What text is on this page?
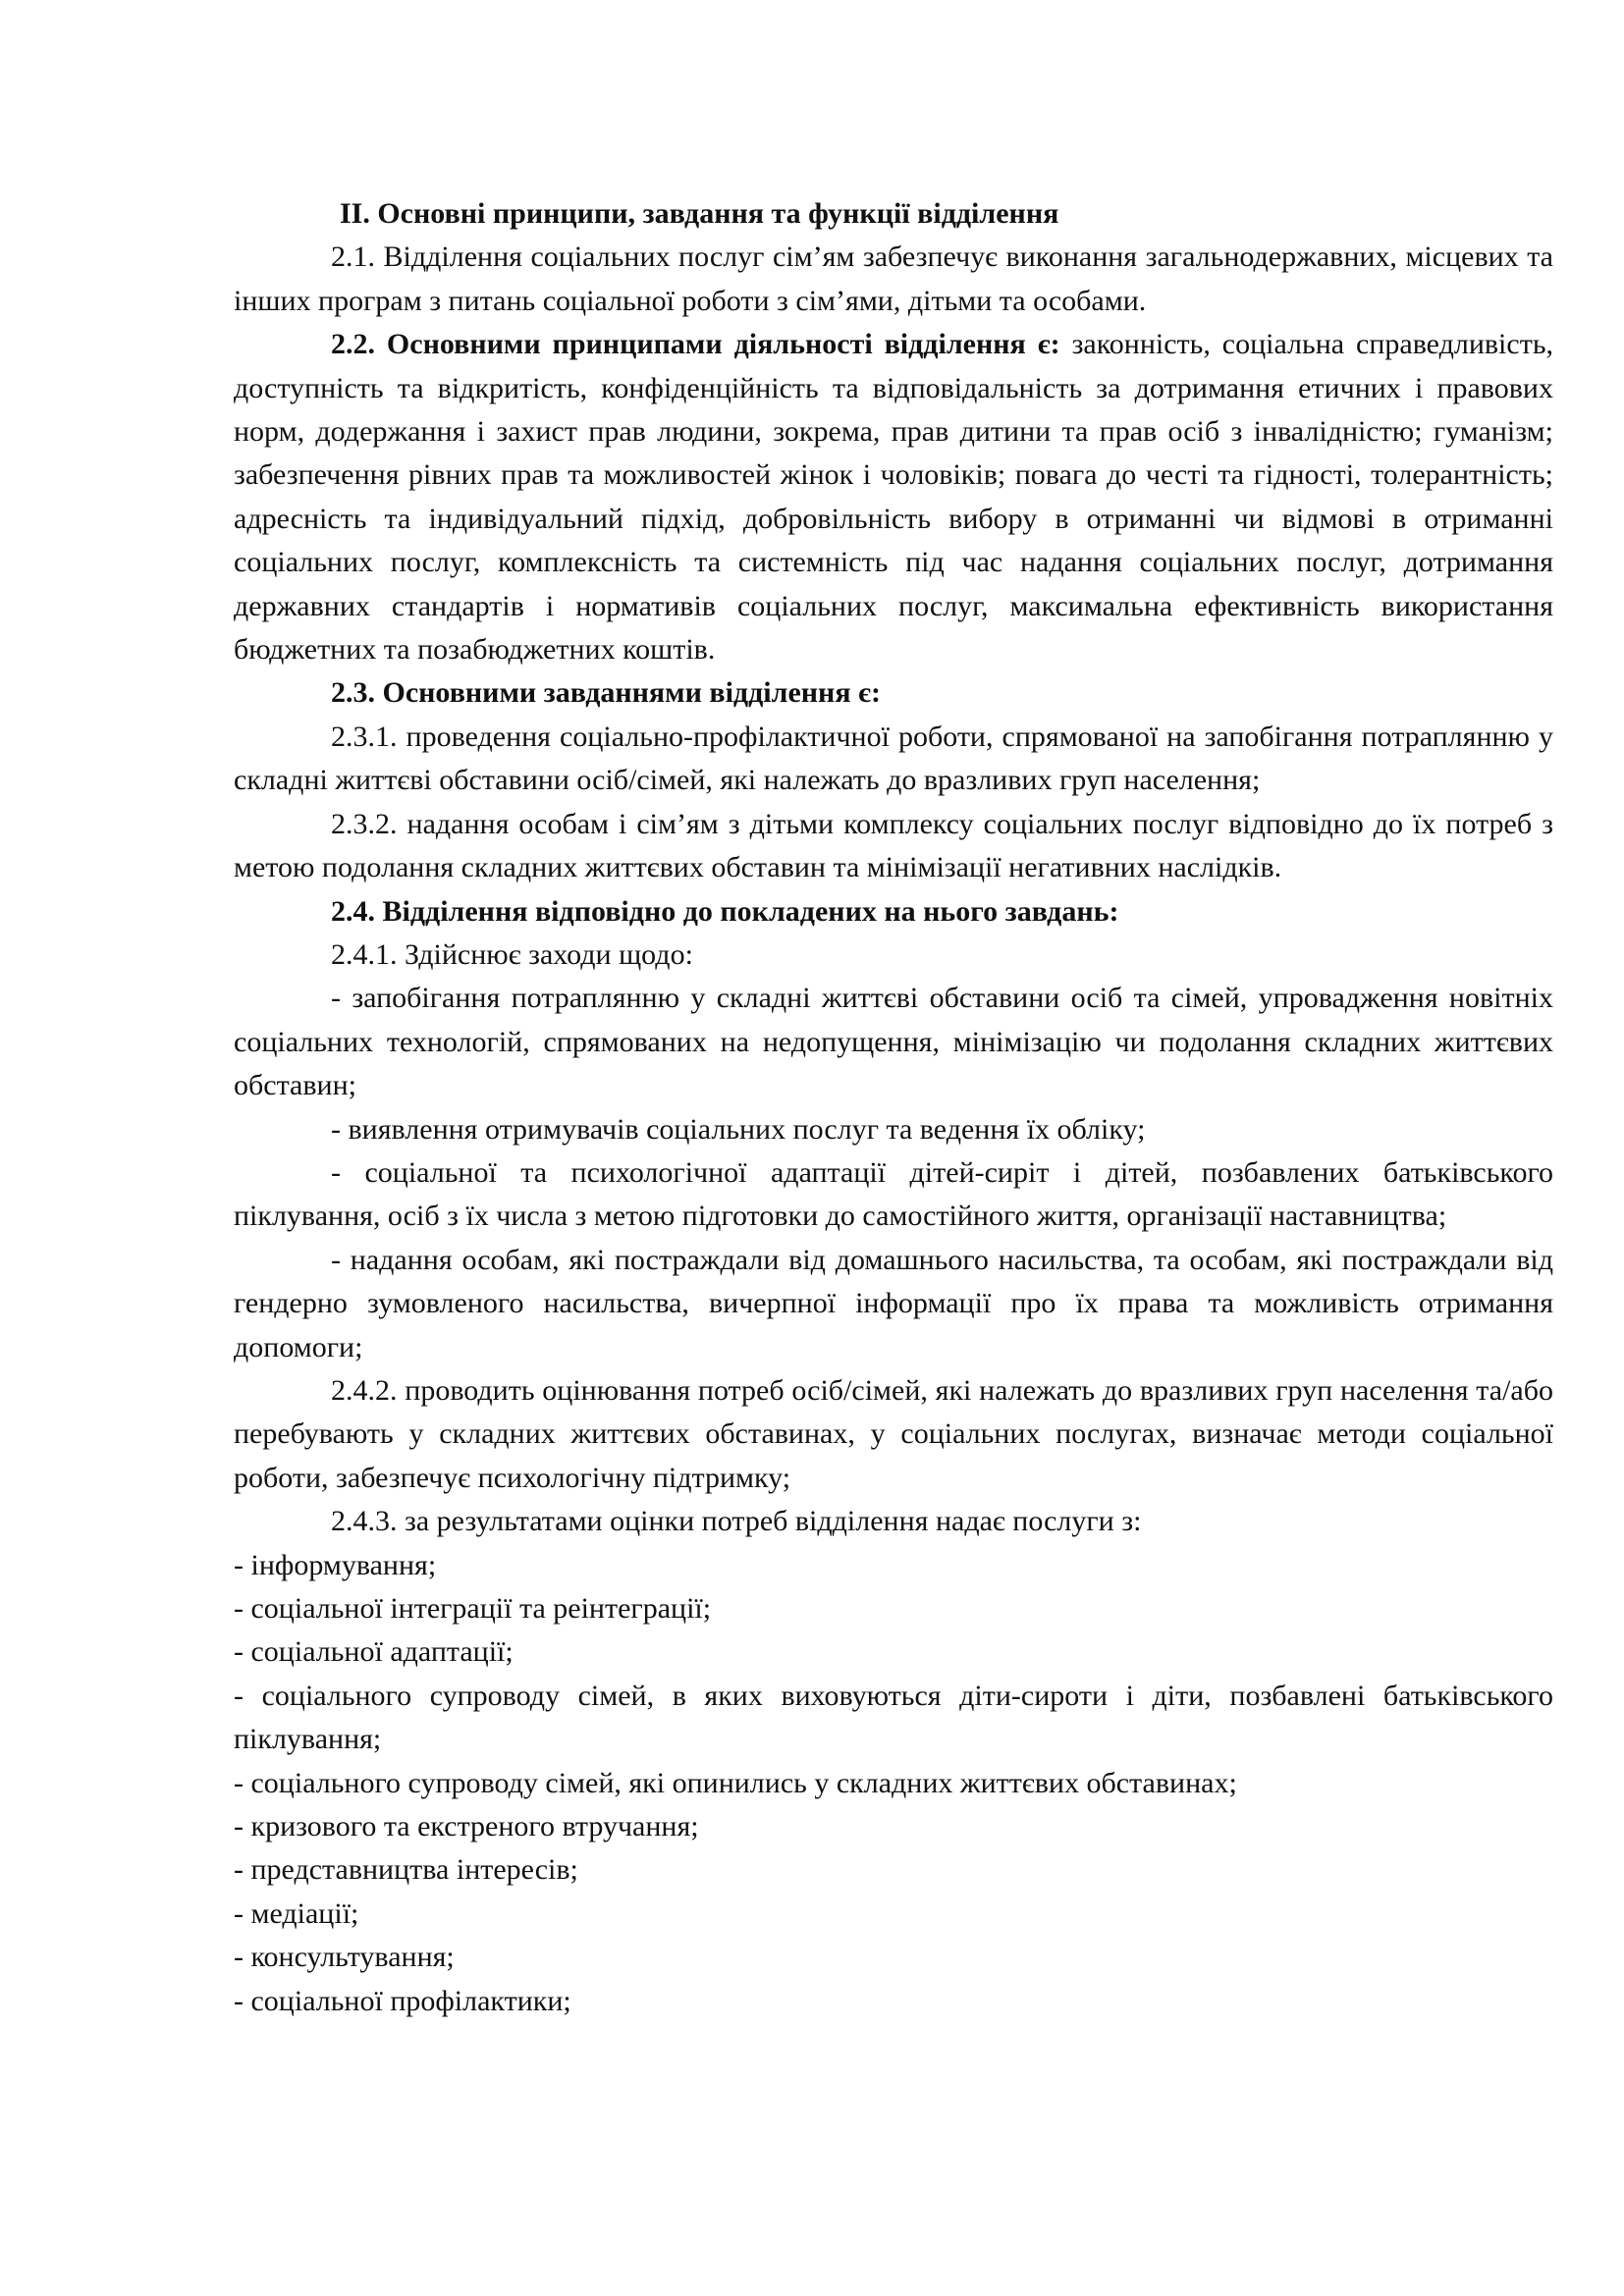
ІІ. Основні принципи, завдання та функції відділення

2.1. Відділення соціальних послуг сім’ям забезпечує виконання загальнодержавних, місцевих та інших програм з питань соціальної роботи з сім’ями, дітьми та особами.

2.2. Основними принципами діяльності відділення є: законність, соціальна справедливість, доступність та відкритість, конфіденційність та відповідальність за дотримання етичних і правових норм, додержання і захист прав людини, зокрема, прав дитини та прав осіб з інвалідністю; гуманізм; забезпечення рівних прав та можливостей жінок і чоловіків; повага до честі та гідності, толерантність; адресність та індивідуальний підхід, добровільність вибору в отриманні чи відмові в отриманні соціальних послуг, комплексність та системність під час надання соціальних послуг, дотримання державних стандартів і нормативів соціальних послуг, максимальна ефективність використання бюджетних та позабюджетних коштів.

2.3. Основними завданнями відділення є:

2.3.1. проведення соціально-профілактичної роботи, спрямованої на запобігання потраплянню у складні життєві обставини осіб/сімей, які належать до вразливих груп населення;

2.3.2. надання особам і сім’ям з дітьми комплексу соціальних послуг відповідно до їх потреб з метою подолання складних життєвих обставин та мінімізації негативних наслідків.

2.4. Відділення відповідно до покладених на нього завдань:

2.4.1. Здійснює заходи щодо:

- запобігання потраплянню у складні життєві обставини осіб та сімей, упровадження новітніх соціальних технологій, спрямованих на недопущення, мінімізацію чи подолання складних життєвих обставин;

- виявлення отримувачів соціальних послуг та ведення їх обліку;

- соціальної та психологічної адаптації дітей-сиріт і дітей, позбавлених батьківського піклування, осіб з їх числа з метою підготовки до самостійного життя, організації наставництва;

- надання особам, які постраждали від домашнього насильства, та особам, які постраждали від гендерно зумовленого насильства, вичерпної інформації про їх права та можливість отримання допомоги;

2.4.2. проводить оцінювання потреб осіб/сімей, які належать до вразливих груп населення та/або перебувають у складних життєвих обставинах, у соціальних послугах, визначає методи соціальної роботи, забезпечує психологічну підтримку;

2.4.3. за результатами оцінки потреб відділення надає послуги з:

- інформування;

- соціальної інтеграції та реінтеграції;

- соціальної адаптації;

- соціального супроводу сімей, в яких виховуються діти-сироти і діти, позбавлені батьківського піклування;

- соціального супроводу сімей, які опинились у складних життєвих обставинах;

- кризового та екстреного втручання;

- представництва інтересів;

- медіації;

- консультування;

- соціальної профілактики;
